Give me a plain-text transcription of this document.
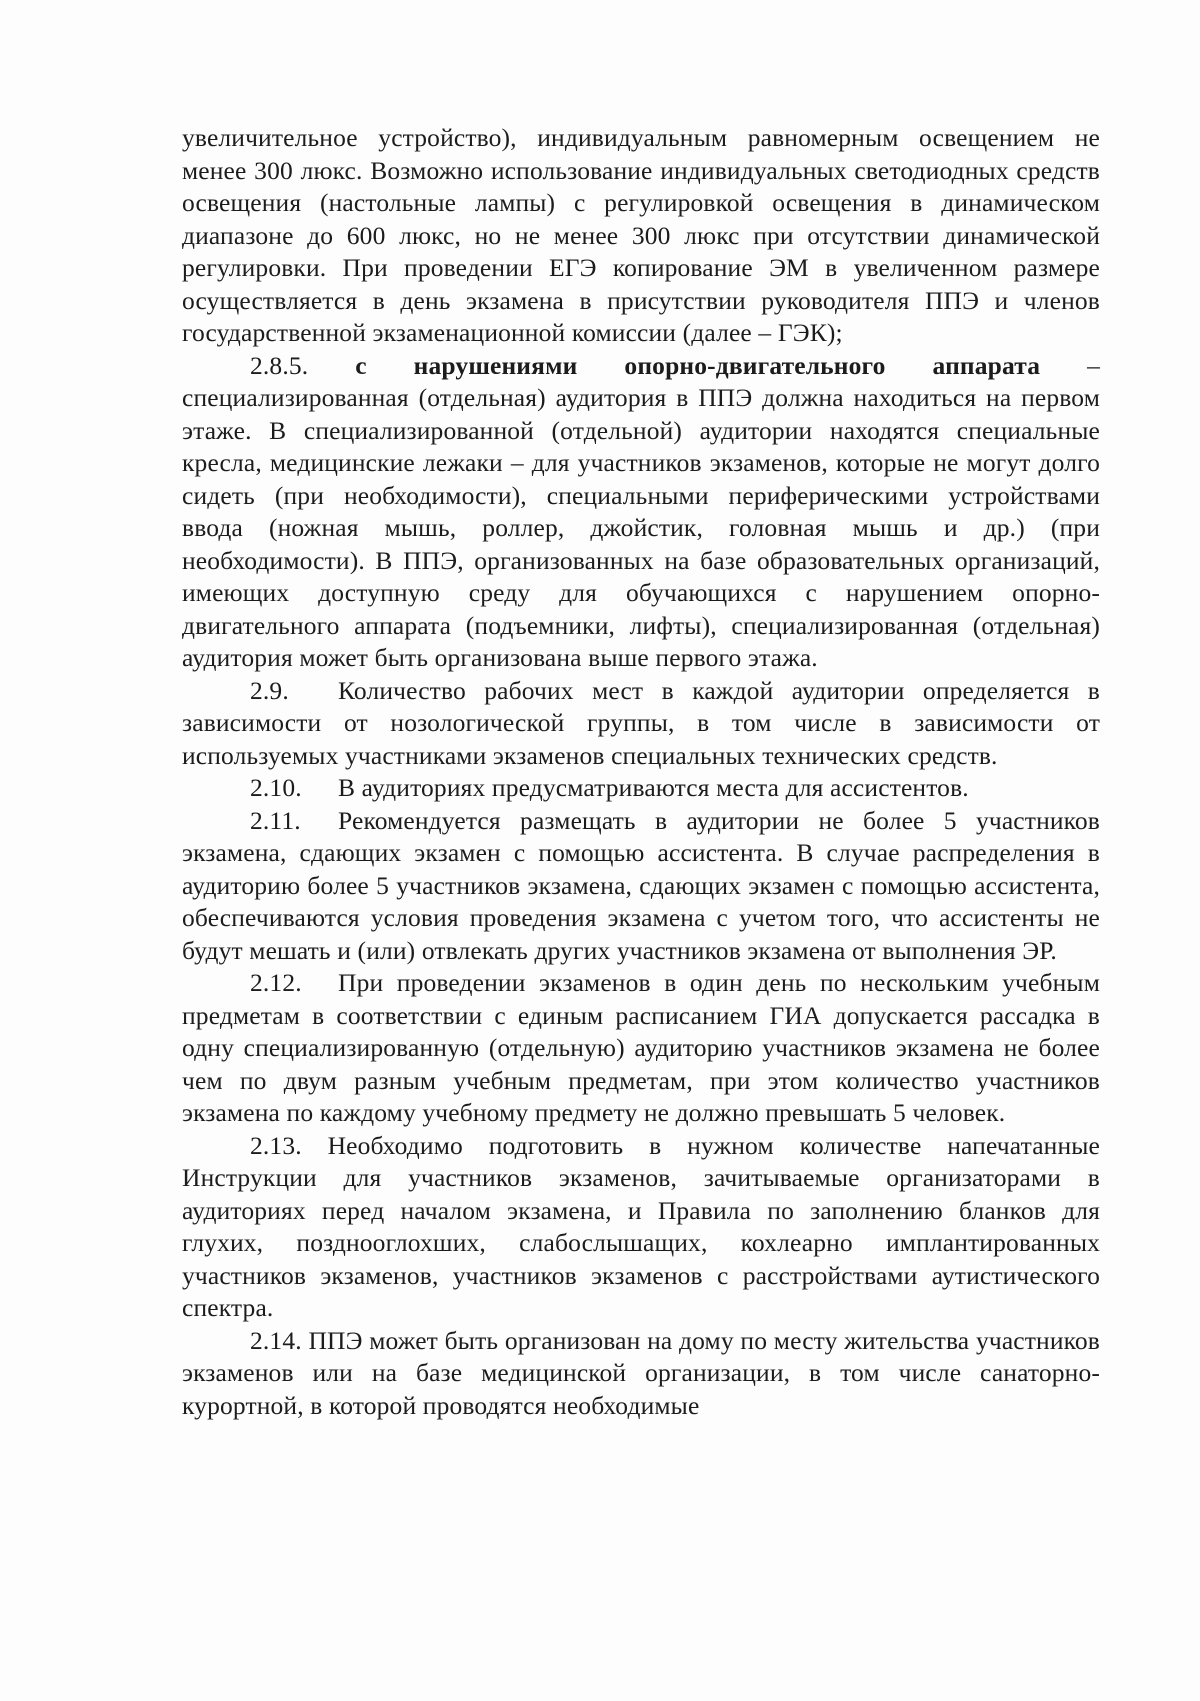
увеличительное устройство), индивидуальным равномерным освещением не менее 300 люкс. Возможно использование индивидуальных светодиодных средств освещения (настольные лампы) с регулировкой освещения в динамическом диапазоне до 600 люкс, но не менее 300 люкс при отсутствии динамической регулировки. При проведении ЕГЭ копирование ЭМ в увеличенном размере осуществляется в день экзамена в присутствии руководителя ППЭ и членов государственной экзаменационной комиссии (далее – ГЭК);

2.8.5. с нарушениями опорно-двигательного аппарата – специализированная (отдельная) аудитория в ППЭ должна находиться на первом этаже. В специализированной (отдельной) аудитории находятся специальные кресла, медицинские лежаки – для участников экзаменов, которые не могут долго сидеть (при необходимости), специальными периферическими устройствами ввода (ножная мышь, роллер, джойстик, головная мышь и др.) (при необходимости). В ППЭ, организованных на базе образовательных организаций, имеющих доступную среду для обучающихся с нарушением опорно-двигательного аппарата (подъемники, лифты), специализированная (отдельная) аудитория может быть организована выше первого этажа.

2.9. Количество рабочих мест в каждой аудитории определяется в зависимости от нозологической группы, в том числе в зависимости от используемых участниками экзаменов специальных технических средств.

2.10. В аудиториях предусматриваются места для ассистентов.

2.11. Рекомендуется размещать в аудитории не более 5 участников экзамена, сдающих экзамен с помощью ассистента. В случае распределения в аудиторию более 5 участников экзамена, сдающих экзамен с помощью ассистента, обеспечиваются условия проведения экзамена с учетом того, что ассистенты не будут мешать и (или) отвлекать других участников экзамена от выполнения ЭР.

2.12. При проведении экзаменов в один день по нескольким учебным предметам в соответствии с единым расписанием ГИА допускается рассадка в одну специализированную (отдельную) аудиторию участников экзамена не более чем по двум разным учебным предметам, при этом количество участников экзамена по каждому учебному предмету не должно превышать 5 человек.

2.13. Необходимо подготовить в нужном количестве напечатанные Инструкции для участников экзаменов, зачитываемые организаторами в аудиториях перед началом экзамена, и Правила по заполнению бланков для глухих, позднооглохших, слабослышащих, кохлеарно имплантированных участников экзаменов, участников экзаменов с расстройствами аутистического спектра.

2.14. ППЭ может быть организован на дому по месту жительства участников экзаменов или на базе медицинской организации, в том числе санаторно-курортной, в которой проводятся необходимые
